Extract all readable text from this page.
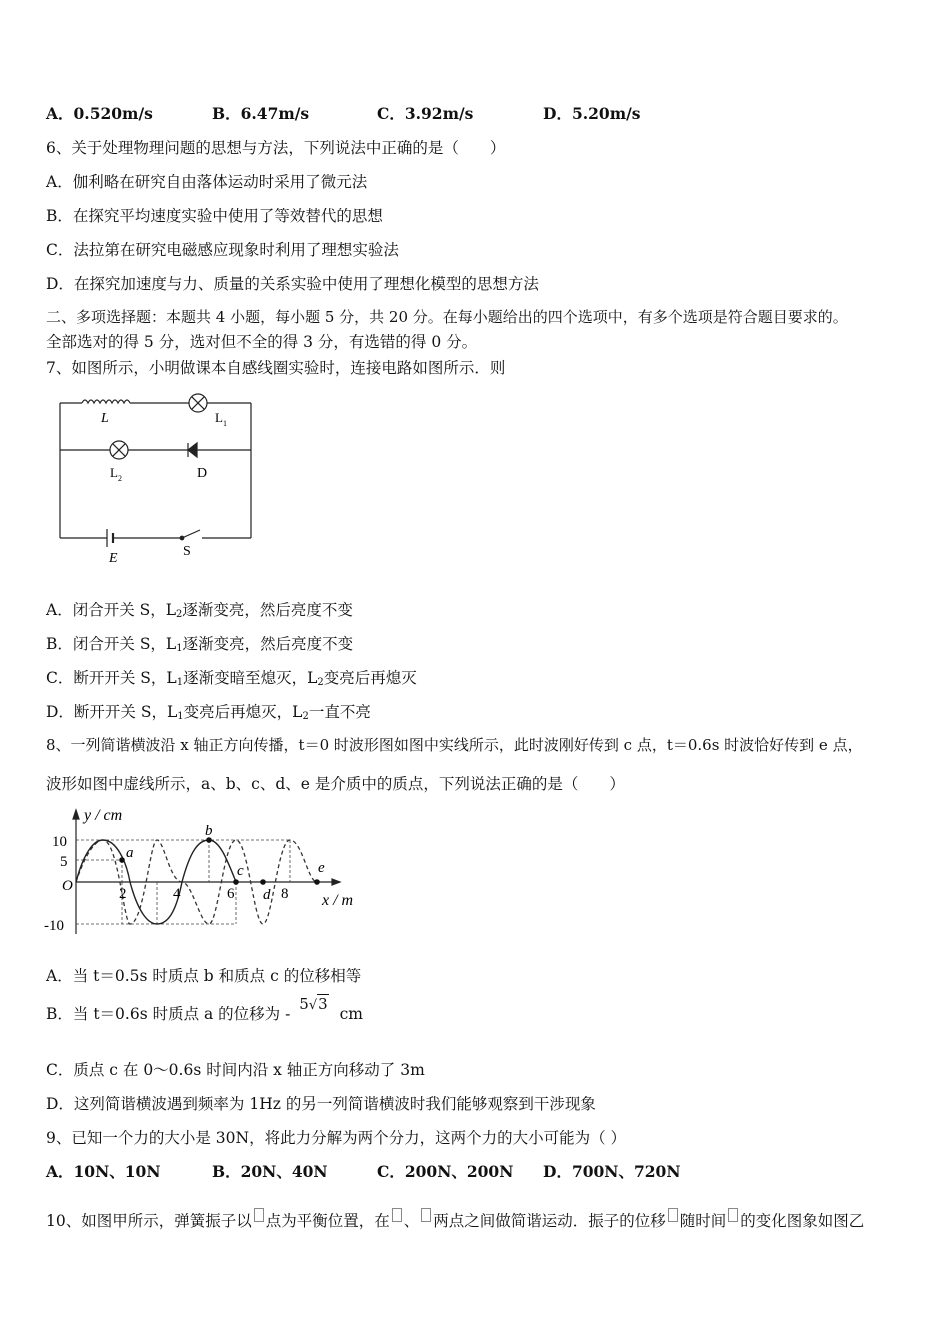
A．0.520m/s	B．6.47m/s	C．3.92m/s	D．5.20m/s
6、关于处理物理问题的思想与方法，下列说法中正确的是（　　）
A．伽利略在研究自由落体运动时采用了微元法
B．在探究平均速度实验中使用了等效替代的思想
C．法拉第在研究电磁感应现象时利用了理想实验法
D．在探究加速度与力、质量的关系实验中使用了理想化模型的思想方法
二、多项选择题：本题共 4 小题，每小题 5 分，共 20 分。在每小题给出的四个选项中，有多个选项是符合题目要求的。
全部选对的得 5 分，选对但不全的得 3 分，有选错的得 0 分。
7、如图所示，小明做课本自感线圈实验时，连接电路如图所示．则
L	L 1
L 2	D
E	S
A．闭合开关 S，$L_2$逐渐变亮，然后亮度不变
B．闭合开关 S，$L_1$逐渐变亮，然后亮度不变
C．断开开关 S，$L_1$逐渐变暗至熄灭，$L_2$变亮后再熄灭
D．断开开关 S，$L_1$变亮后再熄灭，$L_2$一直不亮
8、一列简谐横波沿 x 轴正方向传播，t＝0 时波形图如图中实线所示，此时波刚好传到 c 点，t＝0.6s 时波恰好传到 e 点，
波形如图中虚线所示，a、b、c、d、e 是介质中的质点，下列说法正确的是（　　）
y / cm
x / m
10
5
O
-10
2	4	6	8
a
b
c
d
e
A．当 t＝0.5s 时质点 b 和质点 c 的位移相等
B．当 t＝0.6s 时质点 a 的位移为 - 5√3 cm
C．质点 c 在 0～0.6s 时间内沿 x 轴正方向移动了 3m
D．这列简谐横波遇到频率为 1Hz 的另一列简谐横波时我们能够观察到干涉现象
9、已知一个力的大小是 30N，将此力分解为两个分力，这两个力的大小可能为（ ）
A．10N、10N	B．20N、40N	C．200N、200N D．700N、720N
10、如图甲所示，弹簧振子以 点为平衡位置，在 、 两点之间做简谐运动．振子的位移 随时间 的变化图象如图乙
